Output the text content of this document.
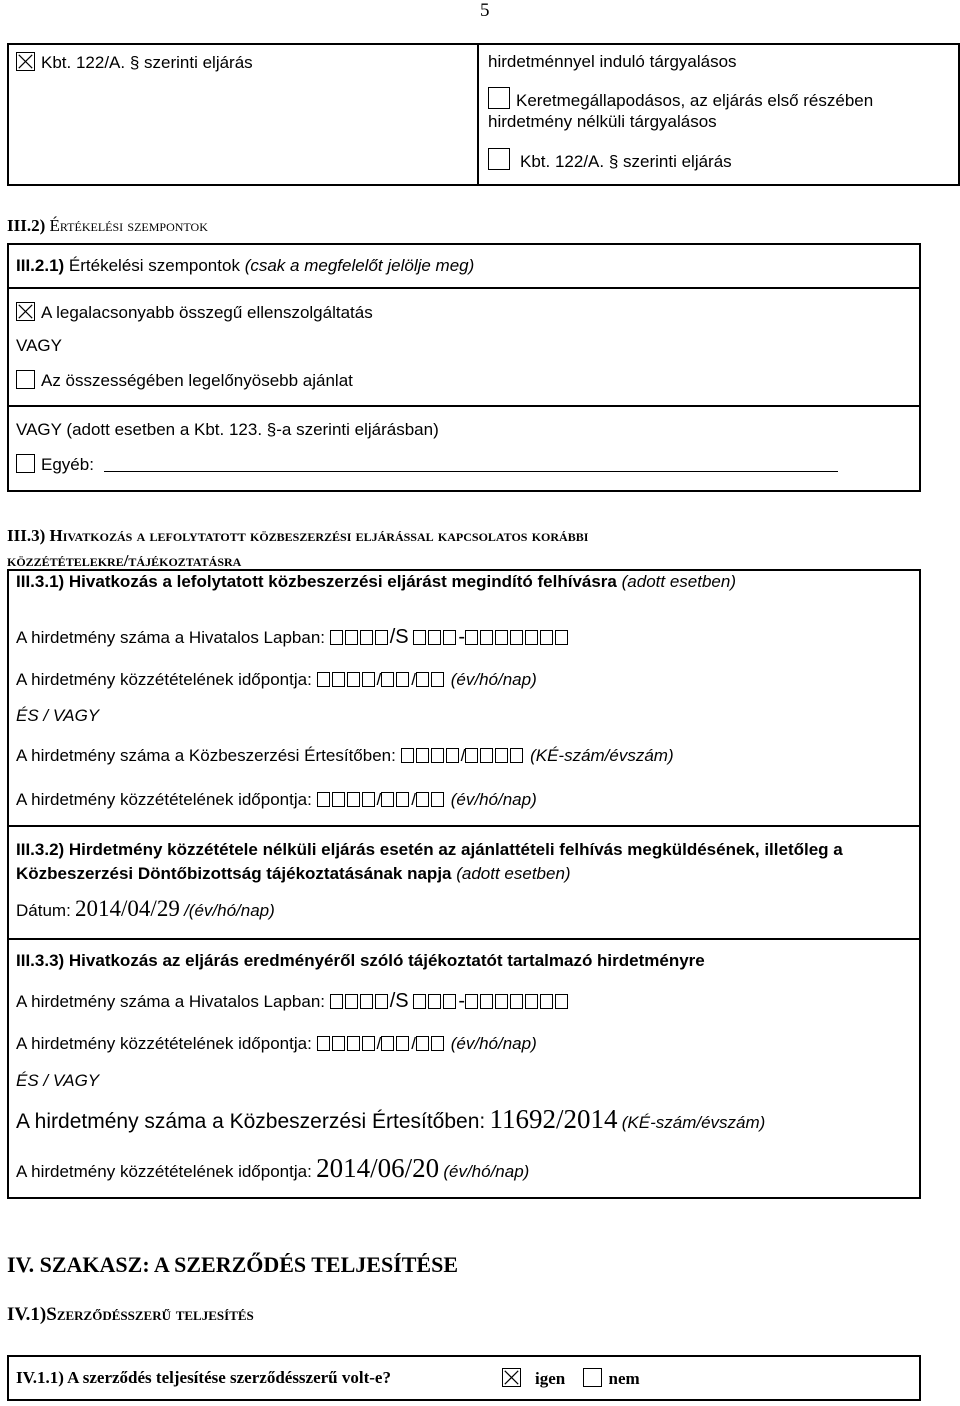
5
Kbt. 122/A. § szerinti eljárás	hirdetménnyel induló tárgyalásos
Keretmegállapodásos, az eljárás első részében
hirdetmény nélküli tárgyalásos
Kbt. 122/A. § szerinti eljárás
III.2) Értékelési szempontok
III.2.1) Értékelési szempontok (csak a megfelelőt jelölje meg)
A legalacsonyabb összegű ellenszolgáltatás
VAGY
Az összességében legelőnyösebb ajánlat
VAGY (adott esetben a Kbt. 123. §-a szerinti eljárásban)
Egyéb:
III.3) Hivatkozás a lefolytatott közbeszerzési eljárással kapcsolatos korábbi
közzétételekre/tájékoztatásra
III.3.1) Hivatkozás a lefolytatott közbeszerzési eljárást megindító felhívásra (adott esetben)
A hirdetmény száma a Hivatalos Lapban:	/S -
A hirdetmény közzétételének időpontja:	/ / (év/hó/nap)
ÉS / VAGY
A hirdetmény száma a Közbeszerzési Értesítőben:	/	(KÉ-szám/évszám)
A hirdetmény közzétételének időpontja:	/ / (év/hó/nap)
III.3.2) Hirdetmény közzététele nélküli eljárás esetén az ajánlattételi felhívás megküldésének, illetőleg a
Közbeszerzési Döntőbizottság tájékoztatásának napja (adott esetben)
Dátum: 2014/04/29 /(év/hó/nap)
III.3.3) Hivatkozás az eljárás eredményéről szóló tájékoztatót tartalmazó hirdetményre
A hirdetmény száma a Hivatalos Lapban:	/S -
A hirdetmény közzétételének időpontja:	/ / (év/hó/nap)
ÉS / VAGY
A hirdetmény száma a Közbeszerzési Értesítőben: 11692/2014 (KÉ-szám/évszám)
A hirdetmény közzétételének időpontja: 2014/06/20 (év/hó/nap)
IV. SZAKASZ: A SZERZŐDÉS TELJESÍTÉSE
IV.1)Szerződésszerű teljesítés
IV.1.1) A szerződés teljesítése szerződésszerű volt-e?	igen	nem
